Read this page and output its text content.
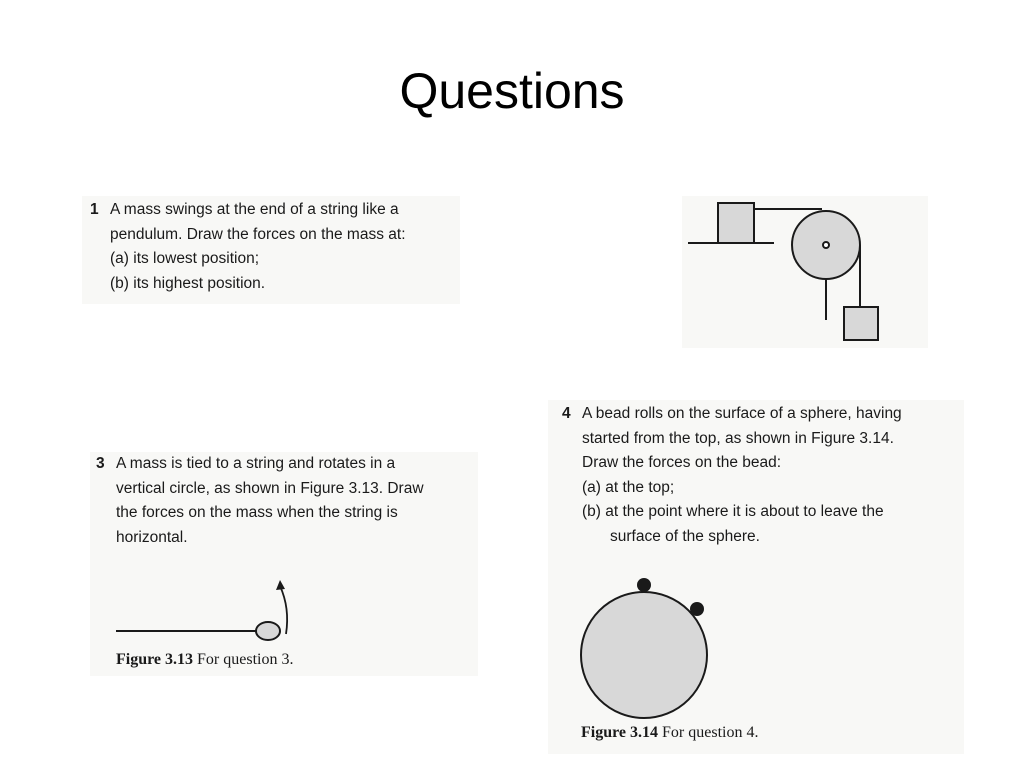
Questions
1 A mass swings at the end of a string like a
pendulum. Draw the forces on the mass at:
(a) its lowest position;
(b) its highest position.
3 A mass is tied to a string and rotates in a
vertical circle, as shown in Figure 3.13. Draw
the forces on the mass when the string is
horizontal.
Figure 3.13 For question 3.
4 A bead rolls on the surface of a sphere, having
started from the top, as shown in Figure 3.14.
Draw the forces on the bead:
(a) at the top;
(b) at the point where it is about to leave the
surface of the sphere.
Figure 3.14 For question 4.
